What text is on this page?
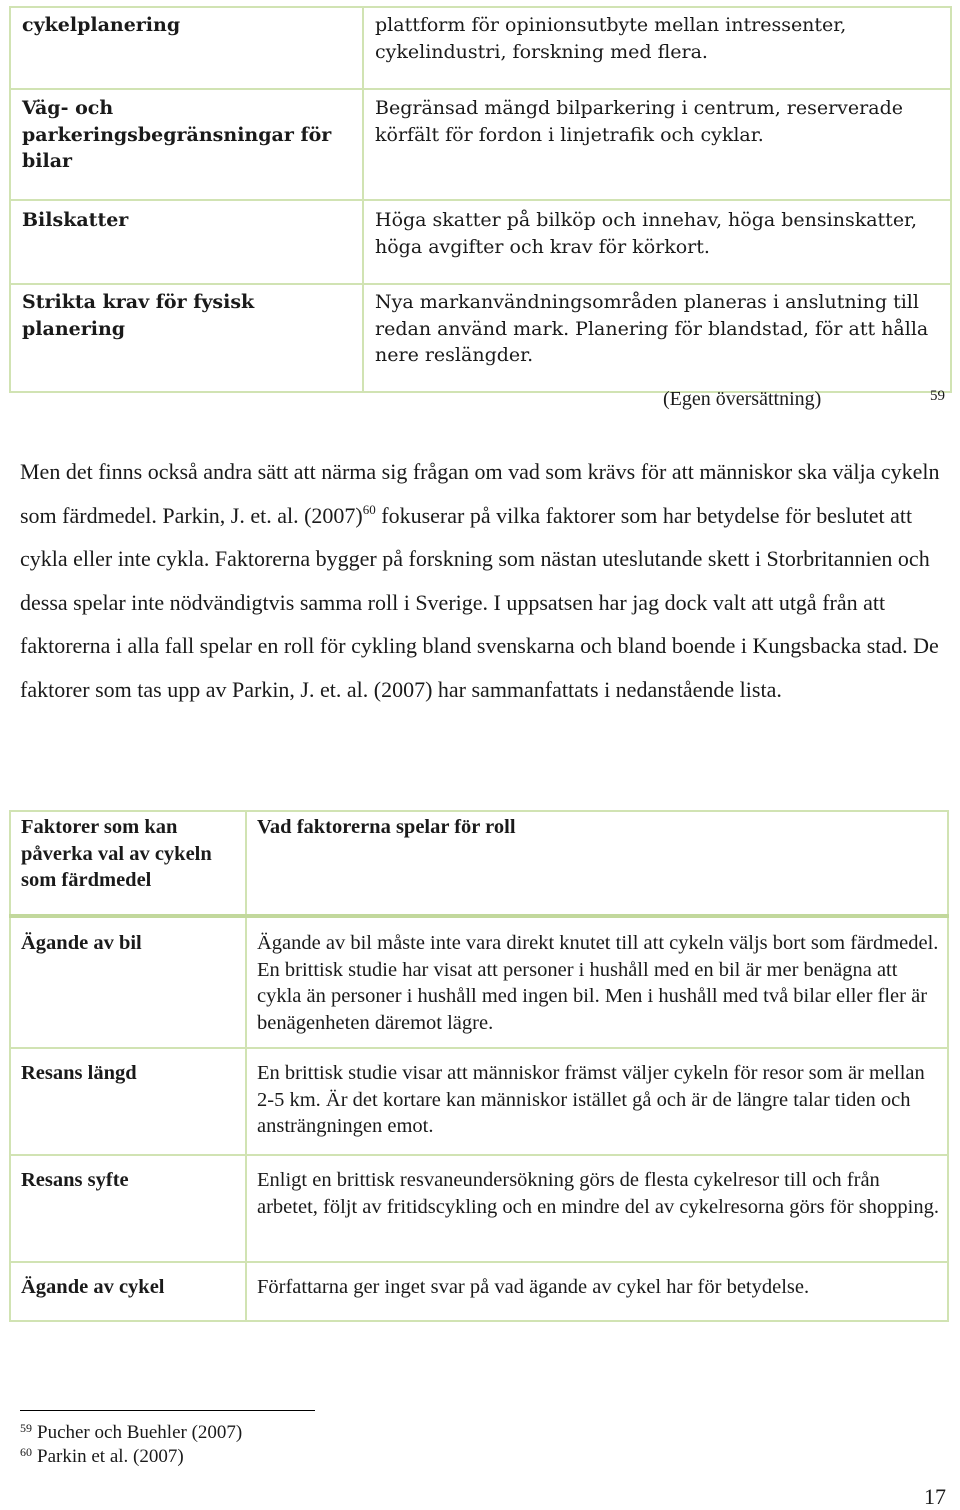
cykelplanering	plattform för opinionsutbyte mellan intressenter, cykelindustri, forskning med flera.
Väg- och parkeringsbegränsningar för bilar	Begränsad mängd bilparkering i centrum, reserverade körfält för fordon i linjetrafik och cyklar.
Bilskatter	Höga skatter på bilköp och innehav, höga bensinskatter, höga avgifter och krav för körkort.
Strikta krav för fysisk planering	Nya markanvändningsområden planeras i anslutning till redan använd mark. Planering för blandstad, för att hålla nere reslängder.
(Egen översättning)	59
Men det finns också andra sätt att närma sig frågan om vad som krävs för att människor ska välja cykeln som färdmedel. Parkin, J. et. al. $(2007)^{60}$ fokuserar på vilka faktorer som har betydelse för beslutet att cykla eller inte cykla. Faktorerna bygger på forskning som nästan uteslutande skett i Storbritannien och dessa spelar inte nödvändigtvis samma roll i Sverige. I uppsatsen har jag dock valt att utgå från att faktorerna i alla fall spelar en roll för cykling bland svenskarna och bland boende i Kungsbacka stad. De faktorer som tas upp av Parkin, J. et. al. (2007) har sammanfattats i nedanstående lista.
Faktorer som kan påverka val av cykeln som färdmedel	Vad faktorerna spelar för roll
Ägande av bil	Ägande av bil måste inte vara direkt knutet till att cykeln väljs bort som färdmedel. En brittisk studie har visat att personer i hushåll med en bil är mer benägna att cykla än personer i hushåll med ingen bil. Men i hushåll med två bilar eller fler är benägenheten däremot lägre.
Resans längd	En brittisk studie visar att människor främst väljer cykeln för resor som är mellan 2-5 km. Är det kortare kan människor istället gå och är de längre talar tiden och ansträngningen emot.
Resans syfte	Enligt en brittisk resvaneundersökning görs de flesta cykelresor till och från arbetet, följt av fritidscykling och en mindre del av cykelresorna görs för shopping.
Ägande av cykel	Författarna ger inget svar på vad ägande av cykel har för betydelse.
$^{59}$ Pucher och Buehler (2007)
$^{60}$ Parkin et al. (2007)
17
